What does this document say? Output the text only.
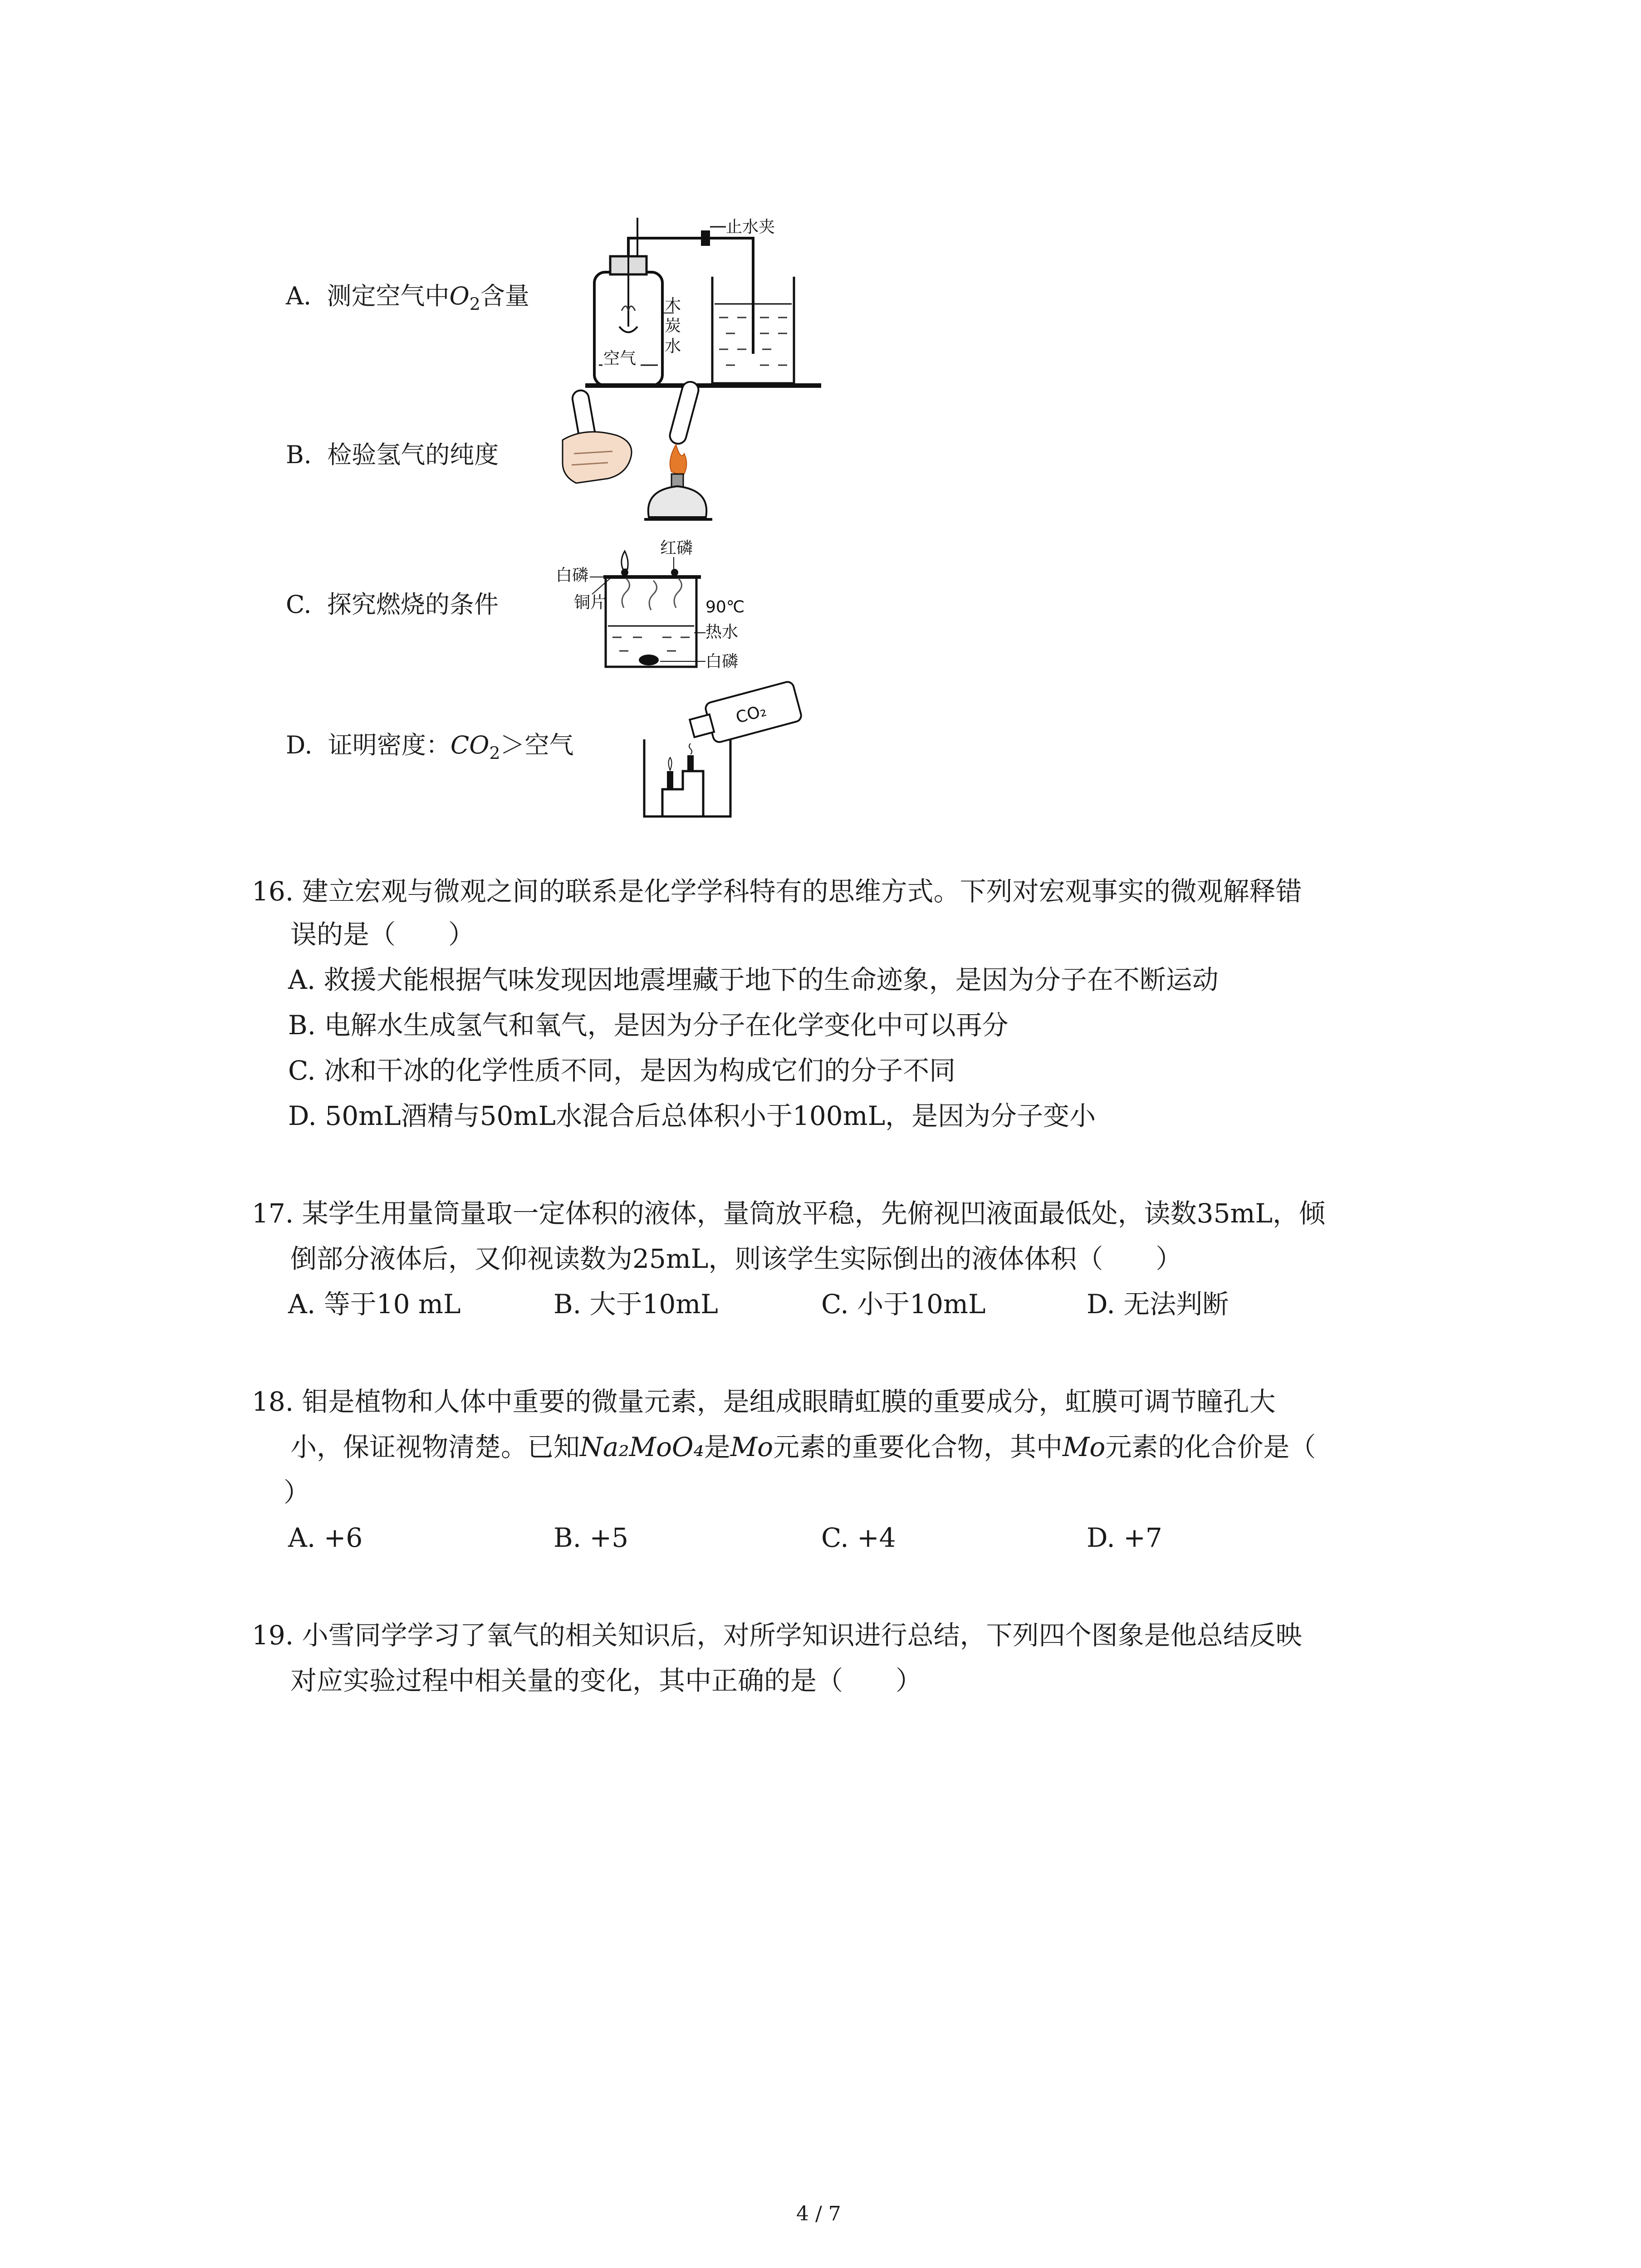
A. 测定空气中$O_2$含量
止水夹
木
炭
水
空气
B. 检验氢气的纯度
C. 探究燃烧的条件
红磷
白磷
铜片	90℃
热水
白磷
D. 证明密度：$CO_2>$空气
CO₂
16. 建立宏观与微观之间的联系是化学学科特有的思维方式。下列对宏观事实的微观解释错
误的是（　　）
A. 救援犬能根据气味发现因地震埋藏于地下的生命迹象，是因为分子在不断运动
B. 电解水生成氢气和氧气，是因为分子在化学变化中可以再分
C. 冰和干冰的化学性质不同，是因为构成它们的分子不同
D. 50mL酒精与50mL水混合后总体积小于100mL，是因为分子变小
17. 某学生用量筒量取一定体积的液体，量筒放平稳，先俯视凹液面最低处，读数35mL，倾
倒部分液体后，又仰视读数为25mL，则该学生实际倒出的液体体积（　　）
A. 等于10 mL	B. 大于10mL	C. 小于10mL	D. 无法判断
18. 钼是植物和人体中重要的微量元素，是组成眼睛虹膜的重要成分，虹膜可调节瞳孔大
小，保证视物清楚。已知Na₂MoO₄是Mo元素的重要化合物，其中Mo元素的化合价是（
）
A. +6	B. +5	C. +4	D. +7
19. 小雪同学学习了氧气的相关知识后，对所学知识进行总结，下列四个图象是他总结反映
对应实验过程中相关量的变化，其中正确的是（　　）
4 / 7
